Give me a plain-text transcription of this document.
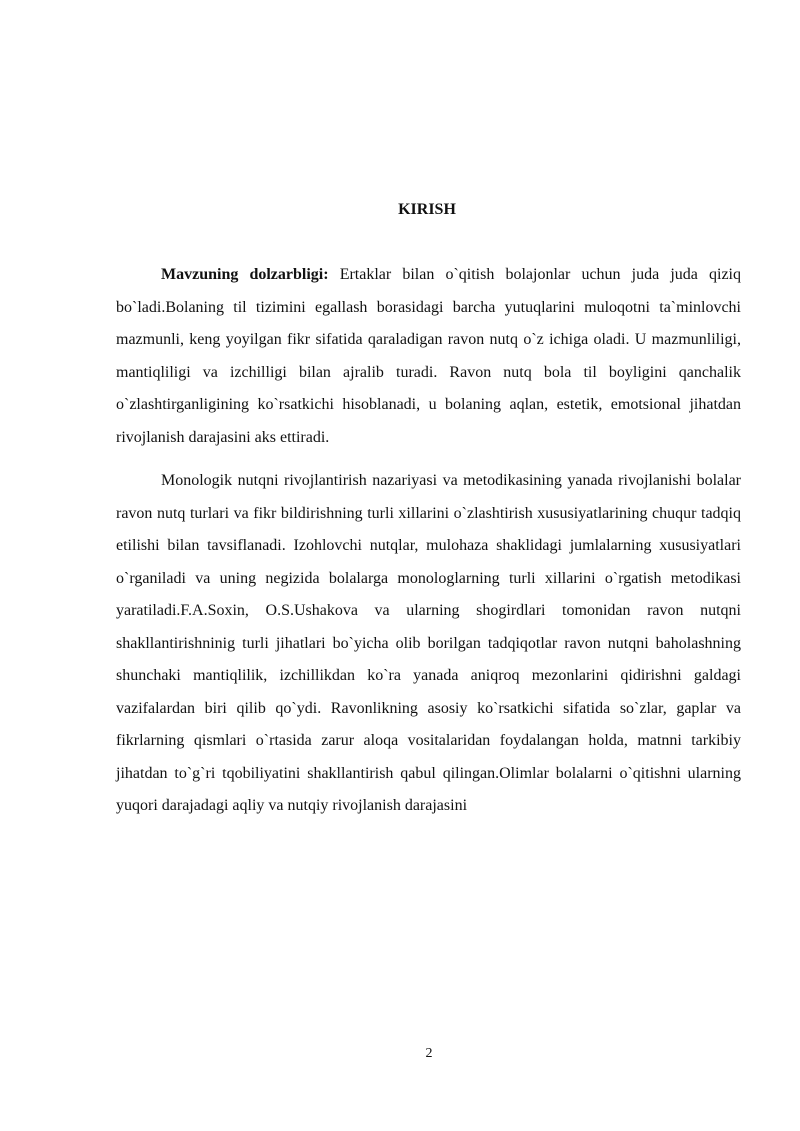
KIRISH

Mavzuning dolzarbligi: Ertaklar bilan o`qitish bolajonlar uchun juda juda qiziq bo`ladi.Bolaning til tizimini egallash borasidagi barcha yutuqlarini muloqotni ta`minlovchi mazmunli, keng yoyilgan fikr sifatida qaraladigan ravon nutq o`z ichiga oladi. U mazmunliligi, mantiqliligi va izchilligi bilan ajralib turadi. Ravon nutq bola til boyligini qanchalik o`zlashtirganligining ko`rsatkichi hisoblanadi, u bolaning aqlan, estetik, emotsional jihatdan rivojlanish darajasini aks ettiradi.

Monologik nutqni rivojlantirish nazariyasi va metodikasining yanada rivojlanishi bolalar ravon nutq turlari va fikr bildirishning turli xillarini o`zlashtirish xususiyatlarining chuqur tadqiq etilishi bilan tavsiflanadi. Izohlovchi nutqlar, mulohaza shaklidagi jumlalarning xususiyatlari o`rganiladi va uning negizida bolalarga monologlarning turli xillarini o`rgatish metodikasi yaratiladi.F.A.Soxin, O.S.Ushakova va ularning shogirdlari tomonidan ravon nutqni shakllantirishninig turli jihatlari bo`yicha olib borilgan tadqiqotlar ravon nutqni baholashning shunchaki mantiqlilik, izchillikdan ko`ra yanada aniqroq mezonlarini qidirishni galdagi vazifalardan biri qilib qo`ydi. Ravonlikning asosiy ko`rsatkichi sifatida so`zlar, gaplar va fikrlarning qismlari o`rtasida zarur aloqa vositalaridan foydalangan holda, matnni tarkibiy jihatdan to`g`ri tqobiliyatini shakllantirish qabul qilingan.Olimlar bolalarni o`qitishni ularning yuqori darajadagi aqliy va nutqiy rivojlanish darajasini

2
